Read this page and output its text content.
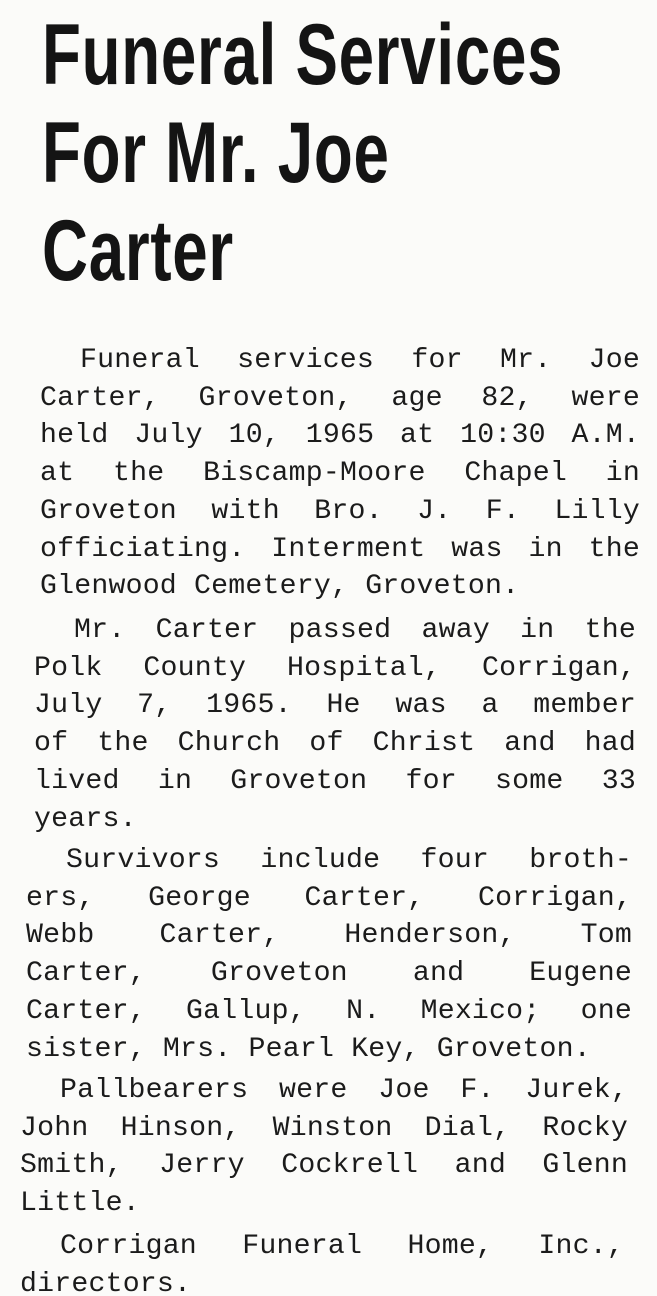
Funeral Services
For Mr. Joe
Carter

Funeral services for Mr. Joe
Carter, Groveton, age 82, were
held July 10, 1965 at 10:30 A.M.
at the Biscamp-Moore Chapel in
Groveton with Bro. J. F. Lilly
officiating. Interment was in the
Glenwood Cemetery, Groveton.

Mr. Carter passed away in the
Polk County Hospital, Corrigan,
July 7, 1965. He was a member
of the Church of Christ and had
lived in Groveton for some 33
years.

Survivors include four broth-
ers, George Carter, Corrigan,
Webb Carter, Henderson, Tom
Carter, Groveton and Eugene
Carter, Gallup, N. Mexico; one
sister, Mrs. Pearl Key, Groveton.

Pallbearers were Joe F. Jurek,
John Hinson, Winston Dial, Rocky
Smith, Jerry Cockrell and Glenn
Little.

Corrigan Funeral Home, Inc.,
directors.
